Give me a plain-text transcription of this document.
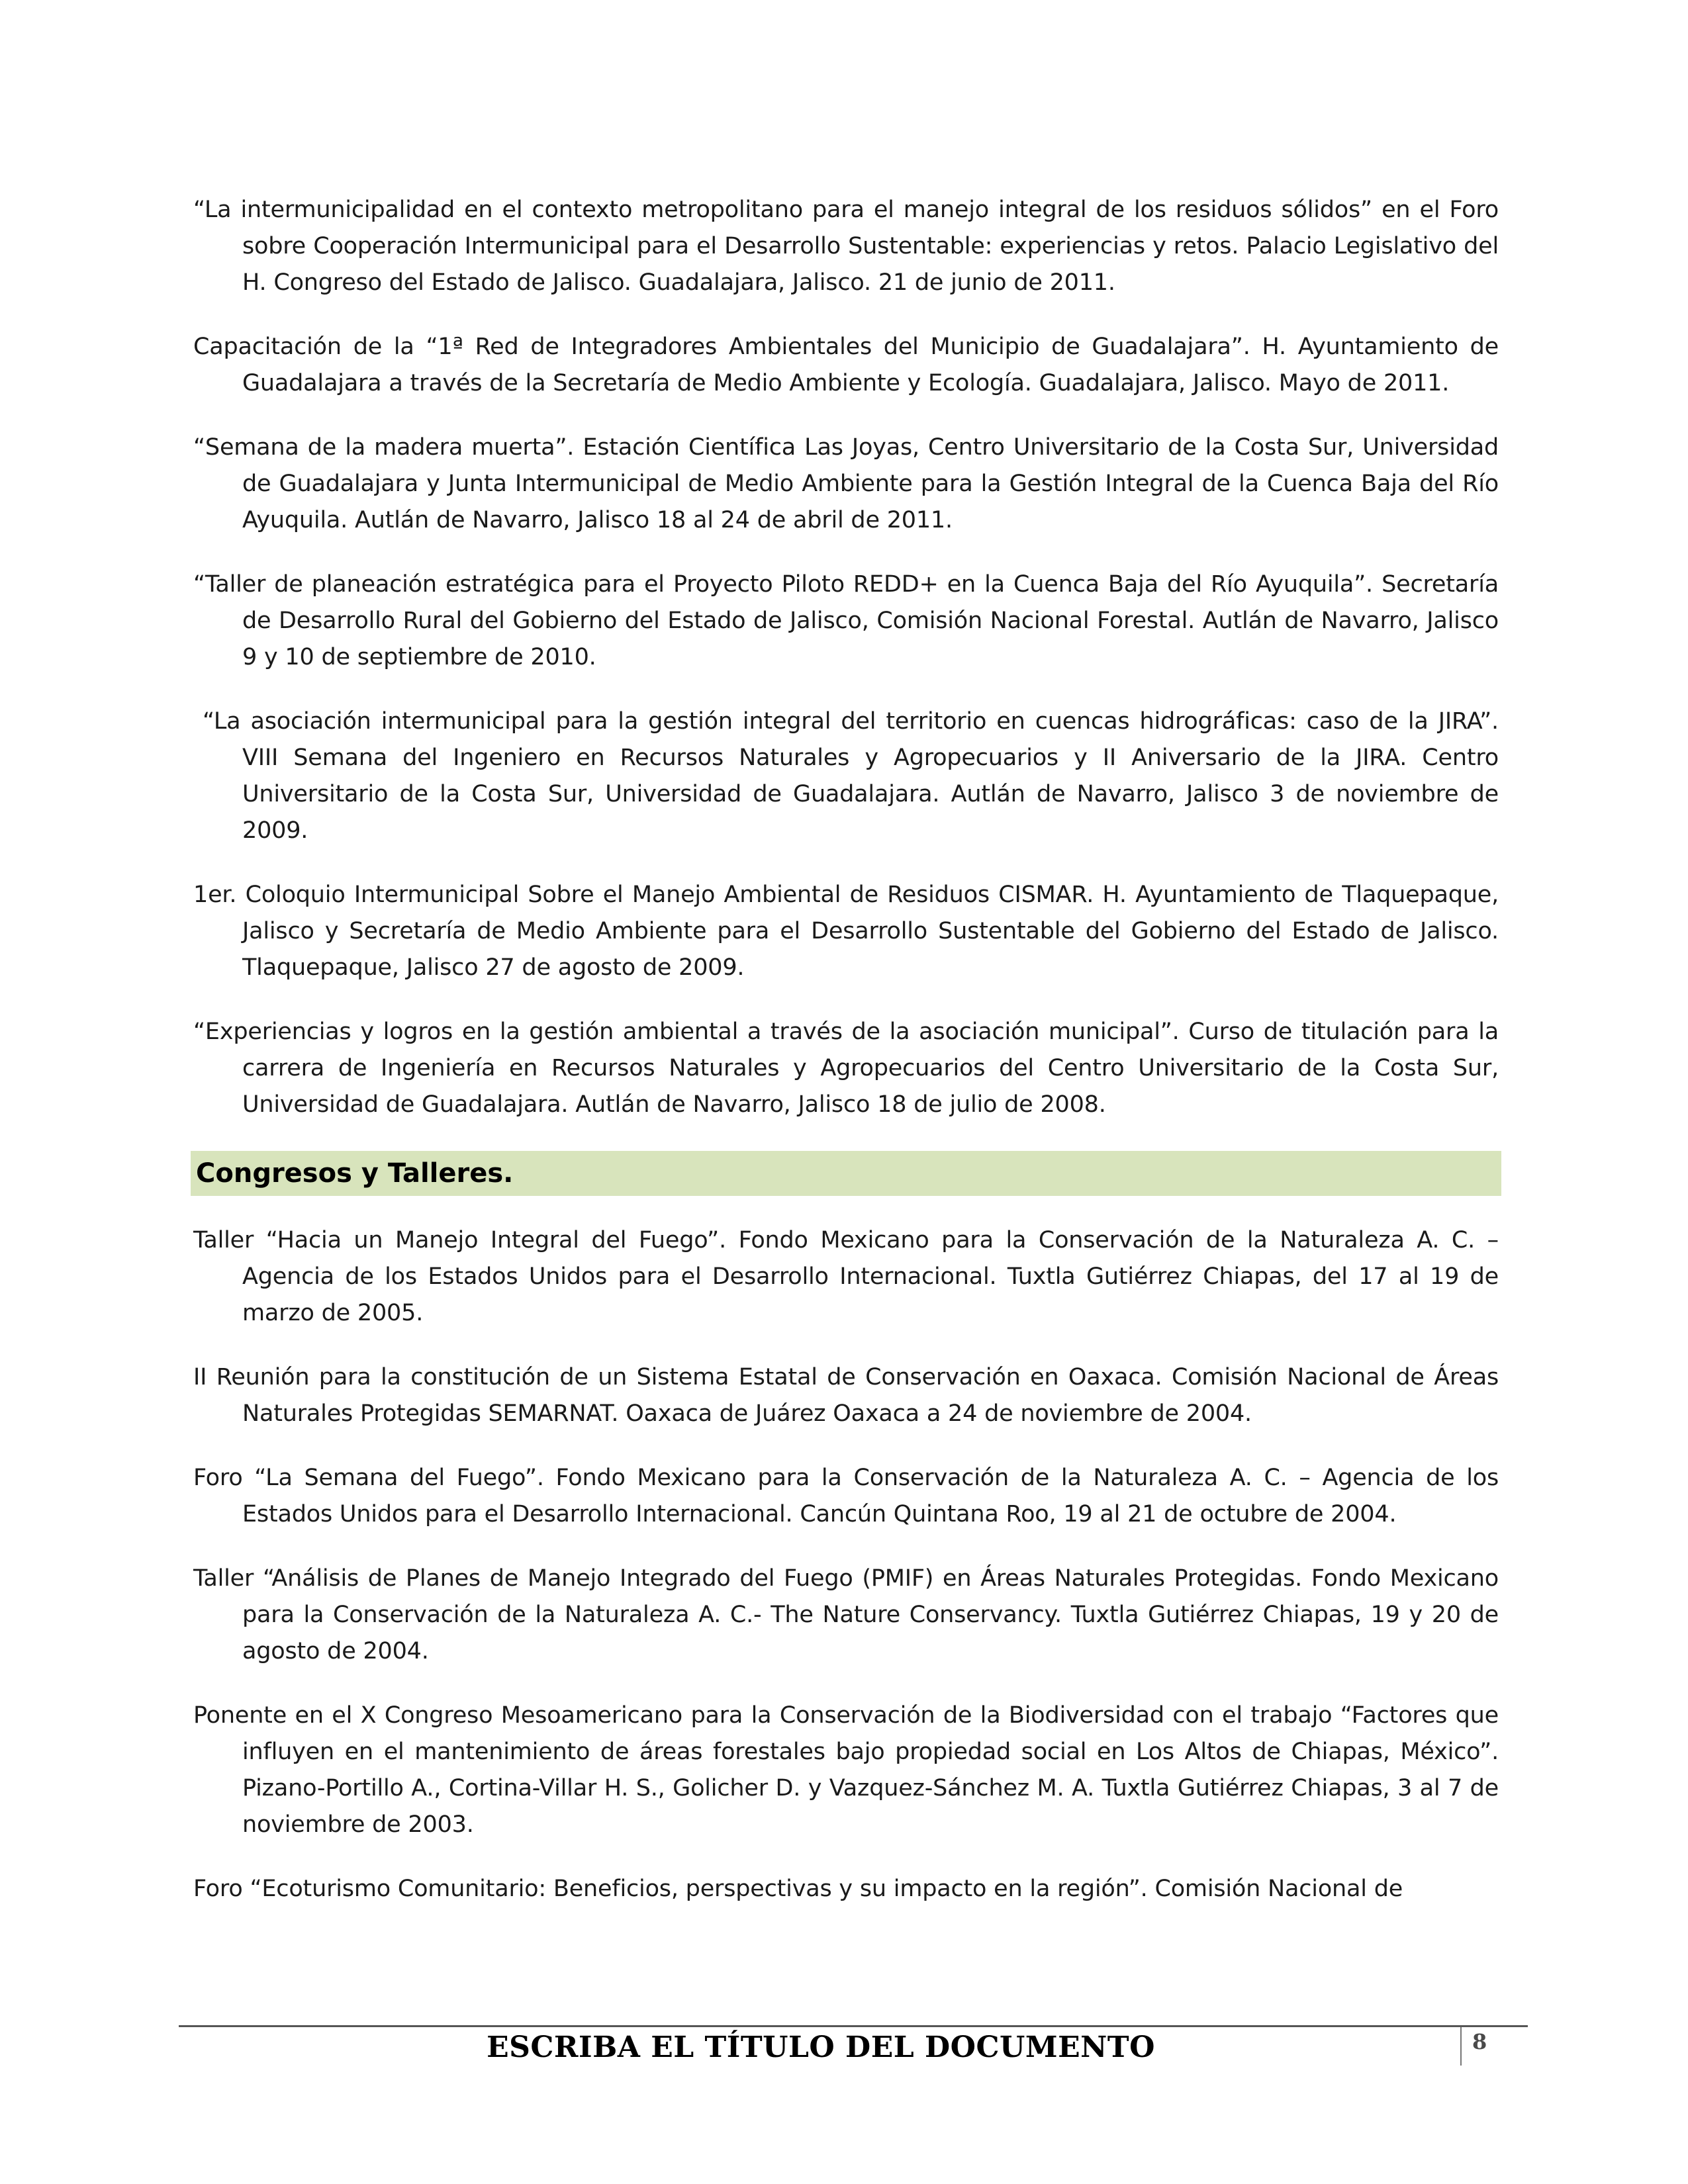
“La intermunicipalidad en el contexto metropolitano para el manejo integral de los residuos sólidos” en el Foro sobre Cooperación Intermunicipal para el Desarrollo Sustentable: experiencias y retos. Palacio Legislativo del H. Congreso del Estado de Jalisco. Guadalajara, Jalisco. 21 de junio de 2011.

Capacitación de la “1ª Red de Integradores Ambientales del Municipio de Guadalajara”. H. Ayuntamiento de Guadalajara a través de la Secretaría de Medio Ambiente y Ecología. Guadalajara, Jalisco. Mayo de 2011.

“Semana de la madera muerta”. Estación Científica Las Joyas, Centro Universitario de la Costa Sur, Universidad de Guadalajara y Junta Intermunicipal de Medio Ambiente para la Gestión Integral de la Cuenca Baja del Río Ayuquila. Autlán de Navarro, Jalisco 18 al 24 de abril de 2011.

“Taller de planeación estratégica para el Proyecto Piloto REDD+ en la Cuenca Baja del Río Ayuquila”. Secretaría de Desarrollo Rural del Gobierno del Estado de Jalisco, Comisión Nacional Forestal. Autlán de Navarro, Jalisco 9 y 10 de septiembre de 2010.

“La asociación intermunicipal para la gestión integral del territorio en cuencas hidrográficas: caso de la JIRA”. VIII Semana del Ingeniero en Recursos Naturales y Agropecuarios y II Aniversario de la JIRA. Centro Universitario de la Costa Sur, Universidad de Guadalajara. Autlán de Navarro, Jalisco 3 de noviembre de 2009.

1er. Coloquio Intermunicipal Sobre el Manejo Ambiental de Residuos CISMAR. H. Ayuntamiento de Tlaquepaque, Jalisco y Secretaría de Medio Ambiente para el Desarrollo Sustentable del Gobierno del Estado de Jalisco. Tlaquepaque, Jalisco 27 de agosto de 2009.

“Experiencias y logros en la gestión ambiental a través de la asociación municipal”. Curso de titulación para la carrera de Ingeniería en Recursos Naturales y Agropecuarios del Centro Universitario de la Costa Sur, Universidad de Guadalajara. Autlán de Navarro, Jalisco 18 de julio de 2008.

Congresos y Talleres.

Taller “Hacia un Manejo Integral del Fuego”. Fondo Mexicano para la Conservación de la Naturaleza A. C. – Agencia de los Estados Unidos para el Desarrollo Internacional. Tuxtla Gutiérrez Chiapas, del 17 al 19 de marzo de 2005.

II Reunión para la constitución de un Sistema Estatal de Conservación en Oaxaca. Comisión Nacional de Áreas Naturales Protegidas SEMARNAT. Oaxaca de Juárez Oaxaca a 24 de noviembre de 2004.

Foro “La Semana del Fuego”. Fondo Mexicano para la Conservación de la Naturaleza A. C. – Agencia de los Estados Unidos para el Desarrollo Internacional. Cancún Quintana Roo, 19 al 21 de octubre de 2004.

Taller “Análisis de Planes de Manejo Integrado del Fuego (PMIF) en Áreas Naturales Protegidas. Fondo Mexicano para la Conservación de la Naturaleza A. C.- The Nature Conservancy. Tuxtla Gutiérrez Chiapas, 19 y 20 de agosto de 2004.

Ponente en el X Congreso Mesoamericano para la Conservación de la Biodiversidad con el trabajo “Factores que influyen en el mantenimiento de áreas forestales bajo propiedad social en Los Altos de Chiapas, México”. Pizano-Portillo A., Cortina-Villar H. S., Golicher D. y Vazquez-Sánchez M. A. Tuxtla Gutiérrez Chiapas, 3 al 7 de noviembre de 2003.

Foro “Ecoturismo Comunitario: Beneficios, perspectivas y su impacto en la región”. Comisión Nacional de

ESCRIBA EL TÍTULO DEL DOCUMENTO	8
